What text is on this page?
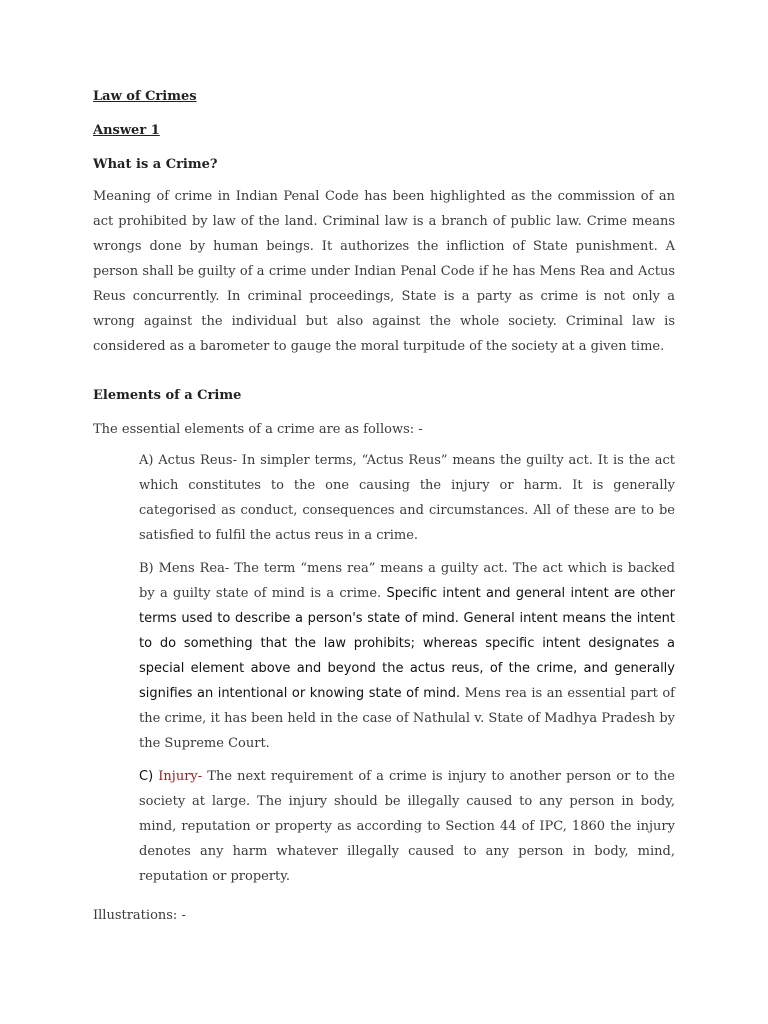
Law of Crimes
Answer 1
What is a Crime?

Meaning of crime in Indian Penal Code has been highlighted as the commission of an act prohibited by law of the land. Criminal law is a branch of public law. Crime means wrongs done by human beings. It authorizes the infliction of State punishment. A person shall be guilty of a crime under Indian Penal Code if he has Mens Rea and Actus Reus concurrently. In criminal proceedings, State is a party as crime is not only a wrong against the individual but also against the whole society. Criminal law is considered as a barometer to gauge the moral turpitude of the society at a given time.

Elements of a Crime
The essential elements of a crime are as follows: -

A) Actus Reus- In simpler terms, “Actus Reus” means the guilty act. It is the act which constitutes to the one causing the injury or harm. It is generally categorised as conduct, consequences and circumstances. All of these are to be satisfied to fulfil the actus reus in a crime.

B) Mens Rea- The term “mens rea” means a guilty act. The act which is backed by a guilty state of mind is a crime. Specific intent and general intent are other terms used to describe a person's state of mind. General intent means the intent to do something that the law prohibits; whereas specific intent designates a special element above and beyond the actus reus, of the crime, and generally signifies an intentional or knowing state of mind. Mens rea is an essential part of the crime, it has been held in the case of Nathulal v. State of Madhya Pradesh by the Supreme Court.

C) Injury- The next requirement of a crime is injury to another person or to the society at large. The injury should be illegally caused to any person in body, mind, reputation or property as according to Section 44 of IPC, 1860 the injury denotes any harm whatever illegally caused to any person in body, mind, reputation or property.

Illustrations: -
